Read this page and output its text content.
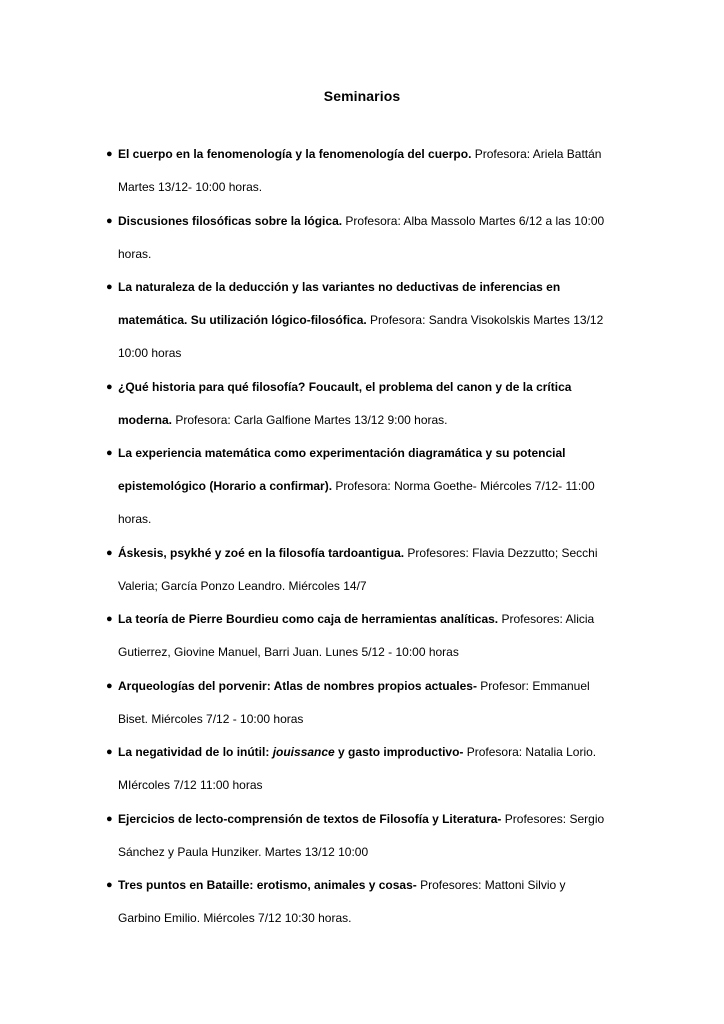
Seminarios
● El cuerpo en la fenomenología y la fenomenología del cuerpo. Profesora: Ariela Battán Martes 13/12- 10:00 horas.
● Discusiones filosóficas sobre la lógica. Profesora: Alba Massolo Martes 6/12 a las 10:00 horas.
● La naturaleza de la deducción y las variantes no deductivas de inferencias en matemática. Su utilización lógico-filosófica. Profesora: Sandra Visokolskis Martes 13/12 10:00 horas
● ¿Qué historia para qué filosofía? Foucault, el problema del canon y de la crítica moderna. Profesora: Carla Galfione Martes 13/12 9:00 horas.
● La experiencia matemática como experimentación diagramática y su potencial epistemológico (Horario a confirmar). Profesora: Norma Goethe- Miércoles 7/12- 11:00 horas.
● Áskesis, psykhé y zoé en la filosofía tardoantigua. Profesores: Flavia Dezzutto; Secchi Valeria; García Ponzo Leandro. Miércoles 14/7
● La teoría de Pierre Bourdieu como caja de herramientas analíticas. Profesores: Alicia Gutierrez, Giovine Manuel, Barri Juan. Lunes 5/12 - 10:00 horas
● Arqueologías del porvenir: Atlas de nombres propios actuales- Profesor: Emmanuel Biset. Miércoles 7/12 - 10:00 horas
● La negatividad de lo inútil: jouissance y gasto improductivo- Profesora: Natalia Lorio. MIércoles 7/12 11:00 horas
● Ejercicios de lecto-comprensión de textos de Filosofía y Literatura- Profesores: Sergio Sánchez y Paula Hunziker. Martes 13/12 10:00
● Tres puntos en Bataille: erotismo, animales y cosas- Profesores: Mattoni Silvio y Garbino Emilio. Miércoles 7/12 10:30 horas.
